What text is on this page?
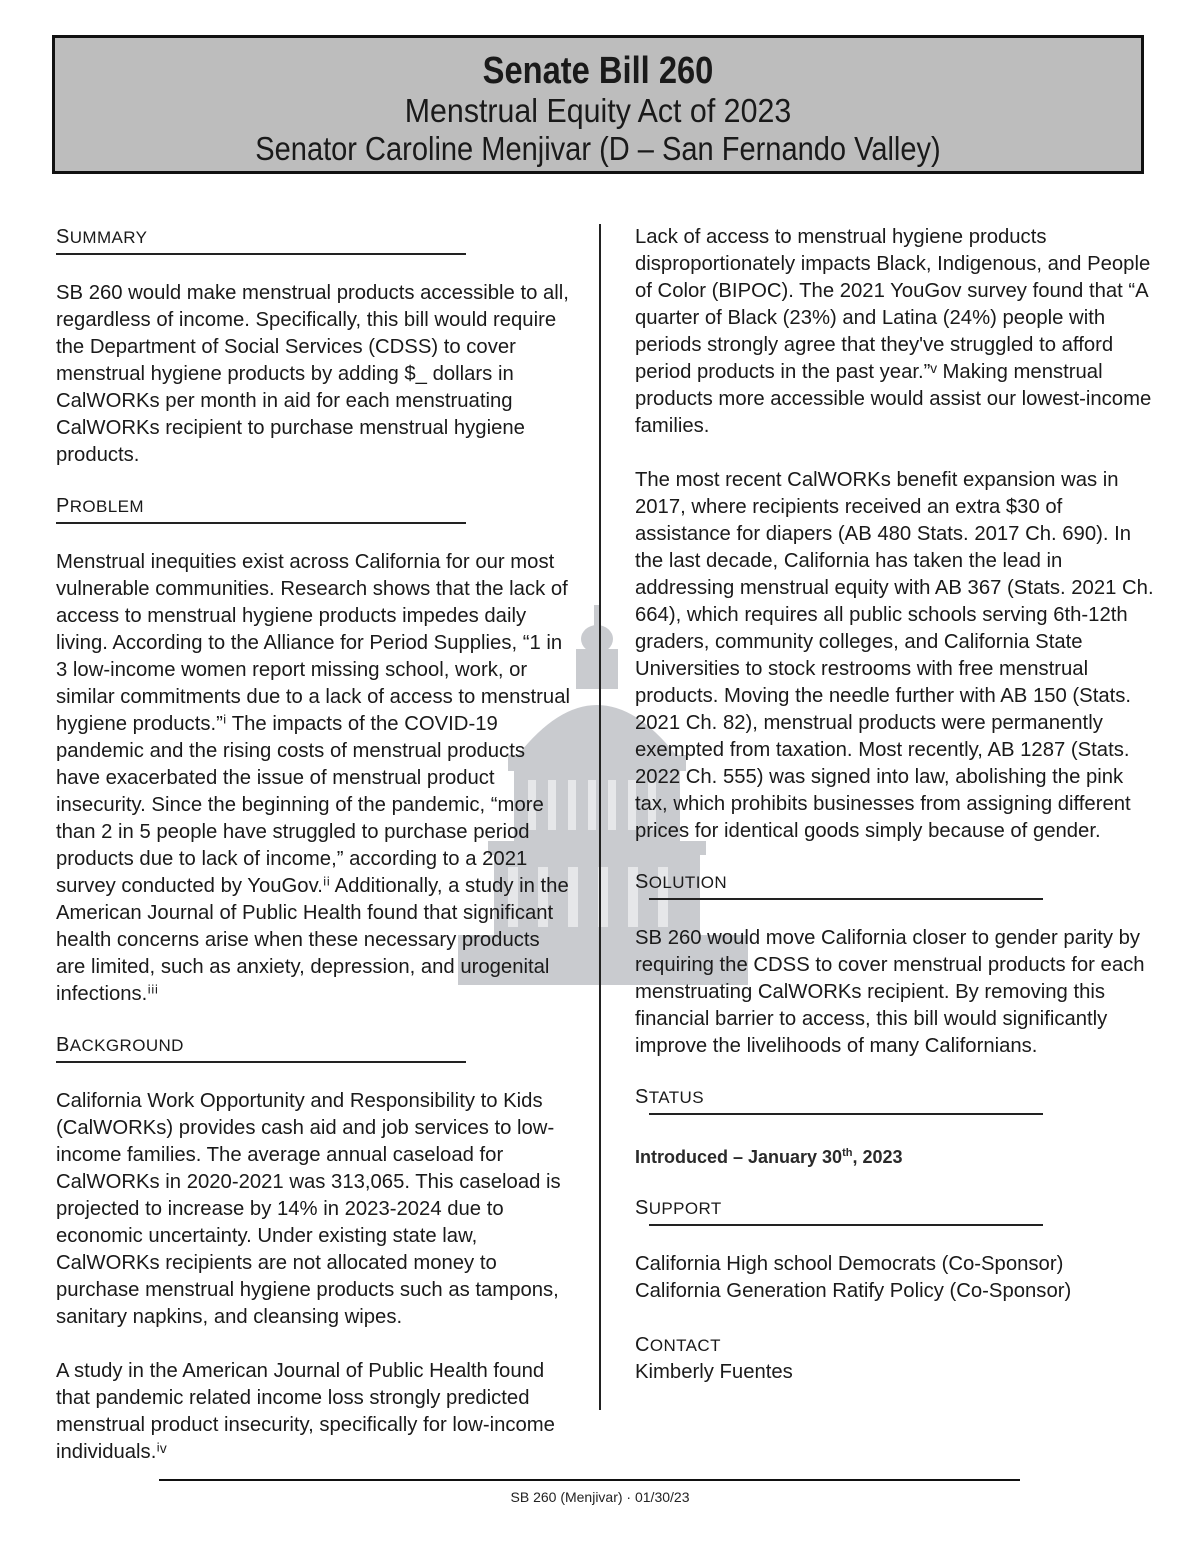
Senate Bill 260
Menstrual Equity Act of 2023
Senator Caroline Menjivar (D – San Fernando Valley)
SUMMARY

SB 260 would make menstrual products accessible to all, regardless of income. Specifically, this bill would require the Department of Social Services (CDSS) to cover menstrual hygiene products by adding $_ dollars in CalWORKs per month in aid for each menstruating CalWORKs recipient to purchase menstrual hygiene products.

PROBLEM

Menstrual inequities exist across California for our most vulnerable communities. Research shows that the lack of access to menstrual hygiene products impedes daily living. According to the Alliance for Period Supplies, “1 in 3 low-income women report missing school, work, or similar commitments due to a lack of access to menstrual hygiene products.”ⁱ The impacts of the COVID-19 pandemic and the rising costs of menstrual products have exacerbated the issue of menstrual product insecurity. Since the beginning of the pandemic, “more than 2 in 5 people have struggled to purchase period products due to lack of income,” according to a 2021 survey conducted by YouGov.ⁱⁱ Additionally, a study in the American Journal of Public Health found that significant health concerns arise when these necessary products are limited, such as anxiety, depression, and urogenital infections.ⁱⁱⁱ

BACKGROUND

California Work Opportunity and Responsibility to Kids (CalWORKs) provides cash aid and job services to low-income families. The average annual caseload for CalWORKs in 2020-2021 was 313,065. This caseload is projected to increase by 14% in 2023-2024 due to economic uncertainty. Under existing state law, CalWORKs recipients are not allocated money to purchase menstrual hygiene products such as tampons, sanitary napkins, and cleansing wipes.

A study in the American Journal of Public Health found that pandemic related income loss strongly predicted menstrual product insecurity, specifically for low-income individuals.ⁱᵛ

Lack of access to menstrual hygiene products disproportionately impacts Black, Indigenous, and People of Color (BIPOC). The 2021 YouGov survey found that “A quarter of Black (23%) and Latina (24%) people with periods strongly agree that they've struggled to afford period products in the past year.”ᵛ Making menstrual products more accessible would assist our lowest-income families.

The most recent CalWORKs benefit expansion was in 2017, where recipients received an extra $30 of assistance for diapers (AB 480 Stats. 2017 Ch. 690). In the last decade, California has taken the lead in addressing menstrual equity with AB 367 (Stats. 2021 Ch. 664), which requires all public schools serving 6th-12th graders, community colleges, and California State Universities to stock restrooms with free menstrual products. Moving the needle further with AB 150 (Stats. 2021 Ch. 82), menstrual products were permanently exempted from taxation. Most recently, AB 1287 (Stats. 2022 Ch. 555) was signed into law, abolishing the pink tax, which prohibits businesses from assigning different prices for identical goods simply because of gender.

SOLUTION

SB 260 would move California closer to gender parity by requiring the CDSS to cover menstrual products for each menstruating CalWORKs recipient. By removing this financial barrier to access, this bill would significantly improve the livelihoods of many Californians.

STATUS

Introduced – January 30th, 2023

SUPPORT

California High school Democrats (Co-Sponsor)

California Generation Ratify Policy (Co-Sponsor)

CONTACT

Kimberly Fuentes

SB 260 (Menjivar) · 01/30/23
